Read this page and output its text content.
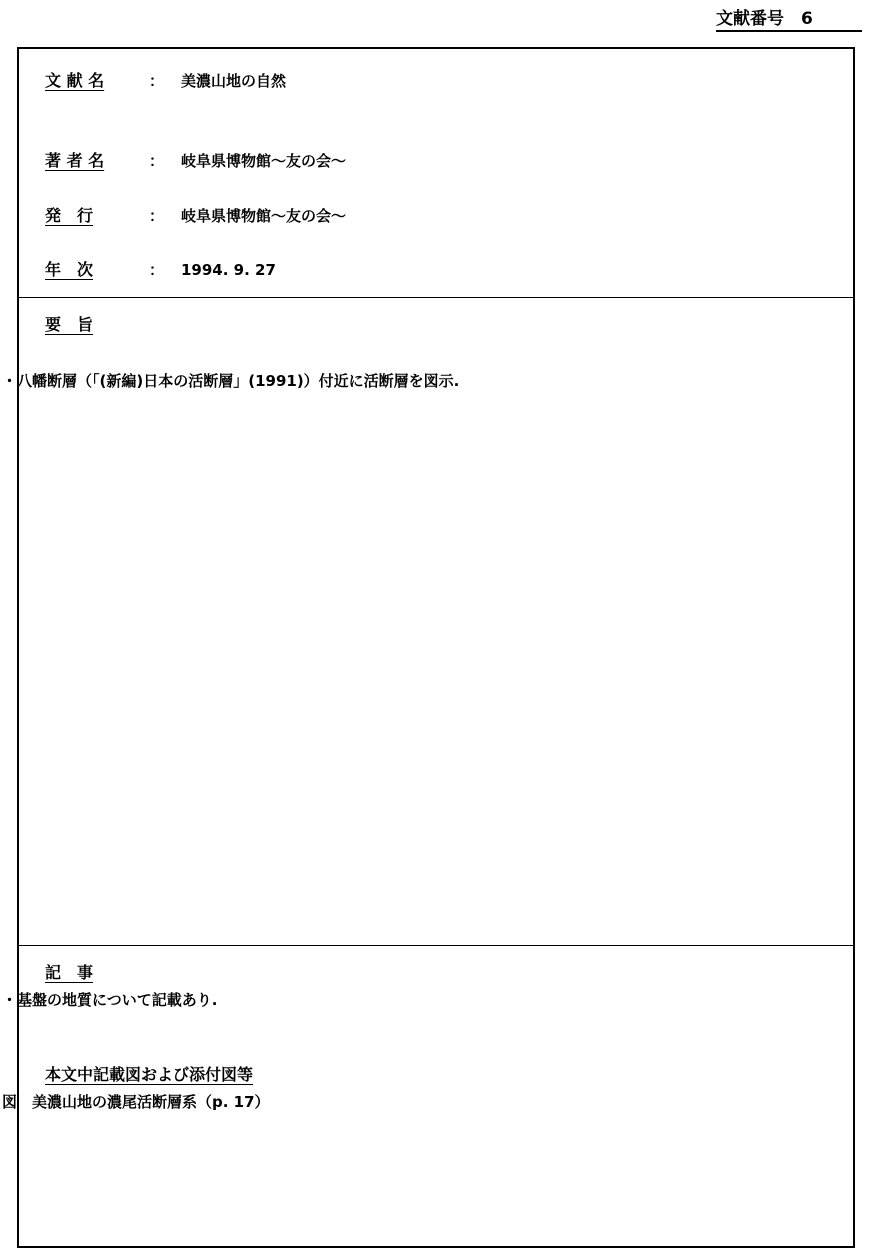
文献番号　6
文 献 名	： 美濃山地の自然
著 者 名	： 岐阜県博物館～友の会～
発　行	： 岐阜県博物館～友の会～
年　次	： 1994. 9. 27
要　旨
・八幡断層（「(新編)日本の活断層」(1991)）付近に活断層を図示.
記　事
・基盤の地質について記載あり.
本文中記載図および添付図等
図　美濃山地の濃尾活断層系（p. 17）
